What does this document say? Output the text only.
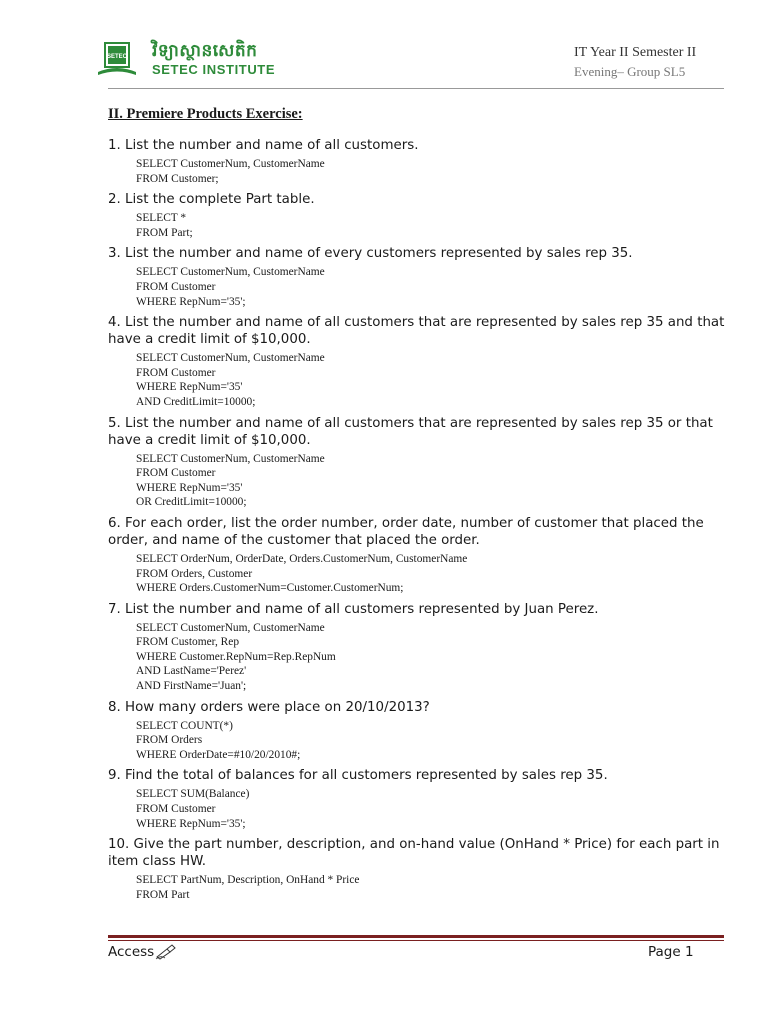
SETEC វិទ្យាស្ថានសេតិក
SETEC INSTITUTE
IT Year II Semester II
Evening– Group SL5
II. Premiere Products Exercise:

1. List the number and name of all customers.

SELECT CustomerNum, CustomerName
FROM Customer;

2. List the complete Part table.

SELECT *
FROM Part;

3. List the number and name of every customers represented by sales rep 35.

SELECT CustomerNum, CustomerName
FROM Customer
WHERE RepNum='35';

4. List the number and name of all customers that are represented by sales rep 35 and that have a credit limit of $10,000.

SELECT CustomerNum, CustomerName
FROM Customer
WHERE RepNum='35'
AND CreditLimit=10000;

5. List the number and name of all customers that are represented by sales rep 35 or that have a credit limit of $10,000.

SELECT CustomerNum, CustomerName
FROM Customer
WHERE RepNum='35'
OR CreditLimit=10000;

6. For each order, list the order number, order date, number of customer that placed the order, and name of the customer that placed the order.

SELECT OrderNum, OrderDate, Orders.CustomerNum, CustomerName
FROM Orders, Customer
WHERE Orders.CustomerNum=Customer.CustomerNum;

7. List the number and name of all customers represented by Juan Perez.

SELECT CustomerNum, CustomerName
FROM Customer, Rep
WHERE Customer.RepNum=Rep.RepNum
AND LastName='Perez'
AND FirstName='Juan';

8. How many orders were place on 20/10/2013?

SELECT COUNT(*)
FROM Orders
WHERE OrderDate=#10/20/2010#;

9. Find the total of balances for all customers represented by sales rep 35.

SELECT SUM(Balance)
FROM Customer
WHERE RepNum='35';

10. Give the part number, description, and on-hand value (OnHand * Price) for each part in item class HW.

SELECT PartNum, Description, OnHand * Price
FROM Part
Access	Page 1
